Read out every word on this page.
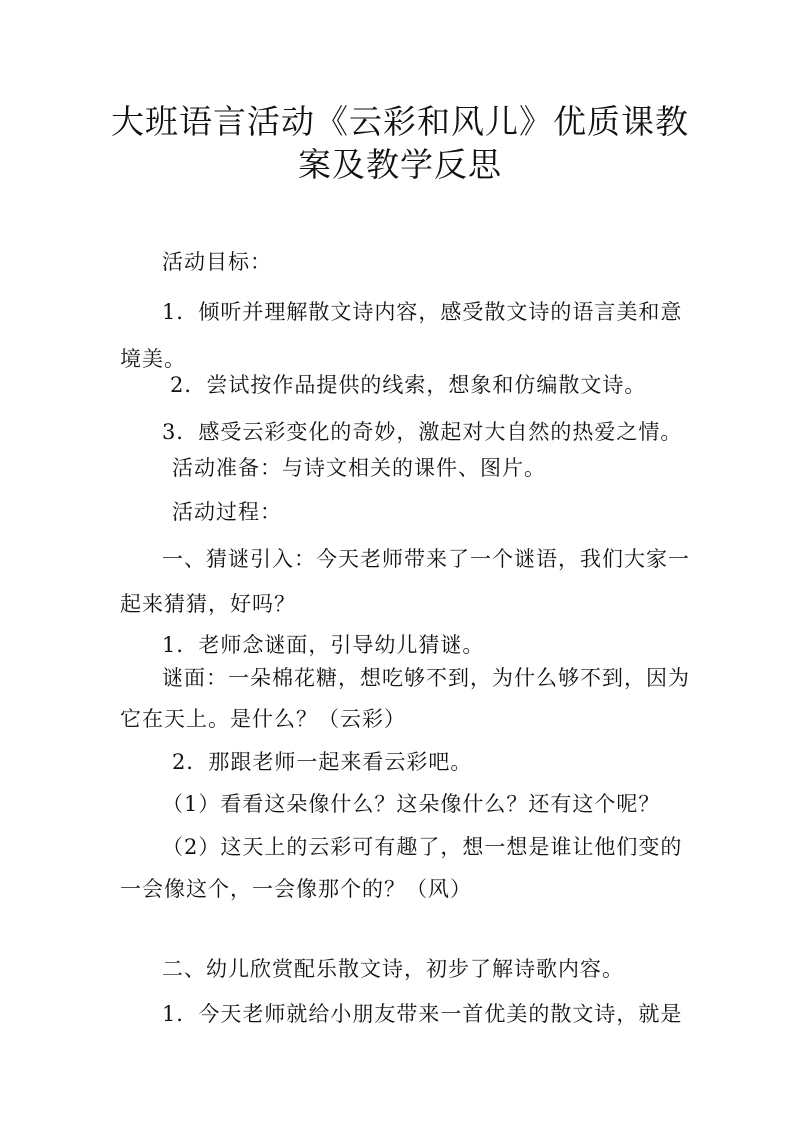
大班语言活动《云彩和风儿》优质课教
案及教学反思
活动目标：
1．倾听并理解散文诗内容，感受散文诗的语言美和意
境美。
2．尝试按作品提供的线索，想象和仿编散文诗。
3．感受云彩变化的奇妙，激起对大自然的热爱之情。
活动准备：与诗文相关的课件、图片。
活动过程：
一、猜谜引入：今天老师带来了一个谜语，我们大家一
起来猜猜，好吗？
1．老师念谜面，引导幼儿猜谜。
谜面：一朵棉花糖，想吃够不到，为什么够不到，因为
它在天上。是什么？（云彩）
2．那跟老师一起来看云彩吧。
（1）看看这朵像什么？这朵像什么？还有这个呢？
（2）这天上的云彩可有趣了，想一想是谁让他们变的
一会像这个，一会像那个的？（风）
二、幼儿欣赏配乐散文诗，初步了解诗歌内容。
1．今天老师就给小朋友带来一首优美的散文诗，就是
